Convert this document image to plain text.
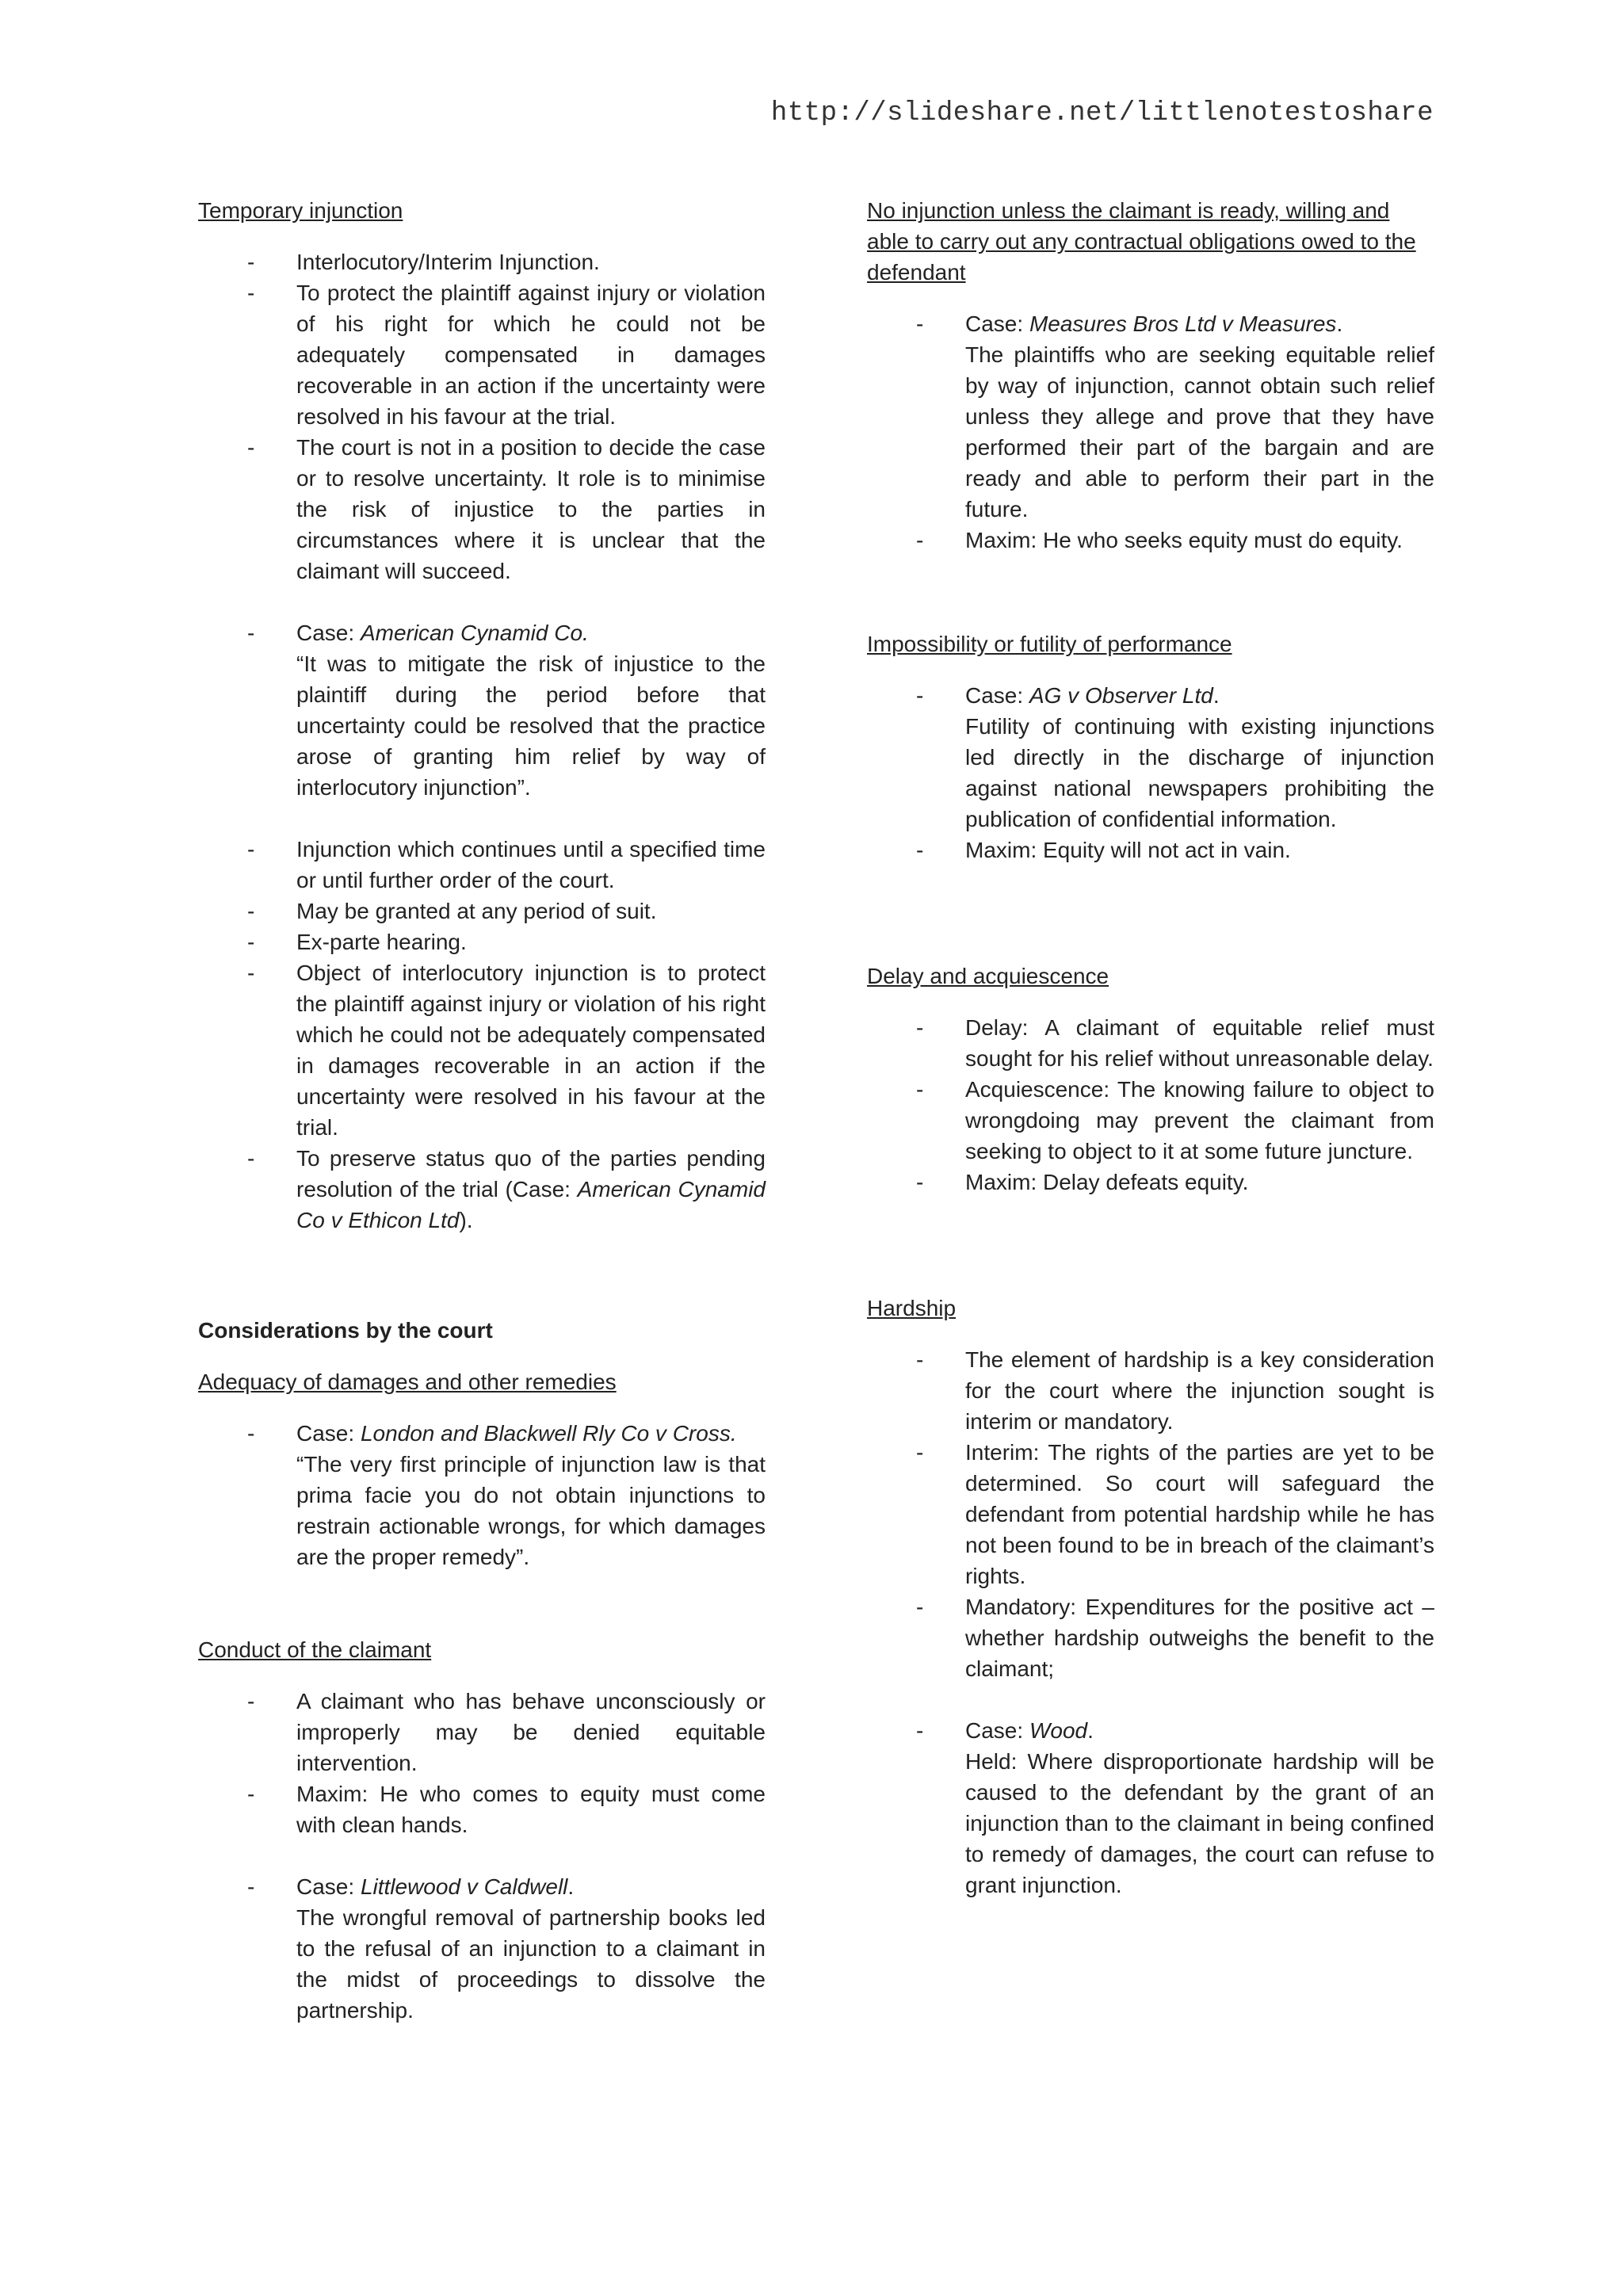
http://slideshare.net/littlenotestoshare

Temporary injunction

- Interlocutory/Interim Injunction.
- To protect the plaintiff against injury or violation of his right for which he could not be adequately compensated in damages recoverable in an action if the uncertainty were resolved in his favour at the trial.
- The court is not in a position to decide the case or to resolve uncertainty. It role is to minimise the risk of injustice to the parties in circumstances where it is unclear that the claimant will succeed.
- Case: American Cynamid Co.
“It was to mitigate the risk of injustice to the plaintiff during the period before that uncertainty could be resolved that the practice arose of granting him relief by way of interlocutory injunction”.
- Injunction which continues until a specified time or until further order of the court.
- May be granted at any period of suit.
- Ex-parte hearing.
- Object of interlocutory injunction is to protect the plaintiff against injury or violation of his right which he could not be adequately compensated in damages recoverable in an action if the uncertainty were resolved in his favour at the trial.
- To preserve status quo of the parties pending resolution of the trial (Case: American Cynamid Co v Ethicon Ltd).

Considerations by the court

Adequacy of damages and other remedies

- Case: London and Blackwell Rly Co v Cross.
“The very first principle of injunction law is that prima facie you do not obtain injunctions to restrain actionable wrongs, for which damages are the proper remedy”.

Conduct of the claimant

- A claimant who has behave unconsciously or improperly may be denied equitable intervention.
- Maxim: He who comes to equity must come with clean hands.
- Case: Littlewood v Caldwell.
The wrongful removal of partnership books led to the refusal of an injunction to a claimant in the midst of proceedings to dissolve the partnership.

No injunction unless the claimant is ready, willing and able to carry out any contractual obligations owed to the defendant

- Case: Measures Bros Ltd v Measures.
The plaintiffs who are seeking equitable relief by way of injunction, cannot obtain such relief unless they allege and prove that they have performed their part of the bargain and are ready and able to perform their part in the future.
- Maxim: He who seeks equity must do equity.

Impossibility or futility of performance

- Case: AG v Observer Ltd.
Futility of continuing with existing injunctions led directly in the discharge of injunction against national newspapers prohibiting the publication of confidential information.
- Maxim: Equity will not act in vain.

Delay and acquiescence

- Delay: A claimant of equitable relief must sought for his relief without unreasonable delay.
- Acquiescence: The knowing failure to object to wrongdoing may prevent the claimant from seeking to object to it at some future juncture.
- Maxim: Delay defeats equity.

Hardship

- The element of hardship is a key consideration for the court where the injunction sought is interim or mandatory.
- Interim: The rights of the parties are yet to be determined. So court will safeguard the defendant from potential hardship while he has not been found to be in breach of the claimant’s rights.
- Mandatory: Expenditures for the positive act – whether hardship outweighs the benefit to the claimant;
- Case: Wood.
Held: Where disproportionate hardship will be caused to the defendant by the grant of an injunction than to the claimant in being confined to remedy of damages, the court can refuse to grant injunction.
